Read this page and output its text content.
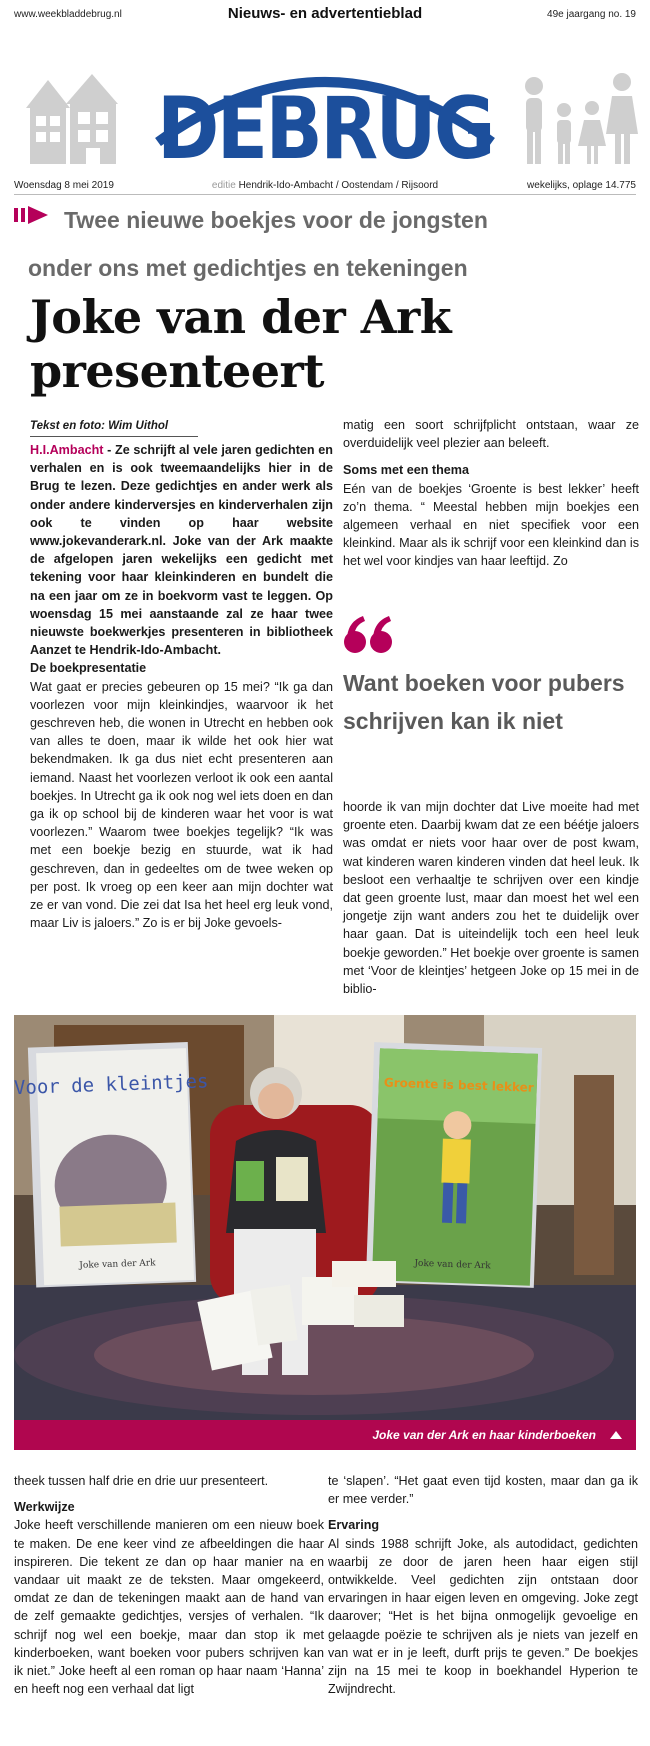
www.weekbladdebrug.nl	Nieuws- en advertentieblad	49e jaargang no. 19
DEBRUG
Woensdag 8 mei 2019	editie Hendrik-Ido-Ambacht / Oostendam / Rijsoord	wekelijks, oplage 14.775
Twee nieuwe boekjes voor de jongsten
onder ons met gedichtjes en tekeningen
Joke van der Ark
presenteert
Tekst en foto: Wim Uithol

H.I.Ambacht - Ze schrijft al vele jaren gedichten en verhalen en is ook tweemaandelijks hier in de Brug te lezen. Deze gedichtjes en ander werk als onder andere kinderversjes en kinderverhalen zijn ook te vinden op haar website www.jokevanderark.nl. Joke van der Ark maakte de afgelopen jaren wekelijks een gedicht met tekening voor haar kleinkinderen en bundelt die na een jaar om ze in boekvorm vast te leggen. Op woensdag 15 mei aanstaande zal ze haar twee nieuwste boekwerkjes presenteren in bibliotheek Aanzet te Hendrik-Ido-Ambacht.

De boekpresentatie

Wat gaat er precies gebeuren op 15 mei? “Ik ga dan voorlezen voor mijn kleinkindjes, waarvoor ik het geschreven heb, die wonen in Utrecht en hebben ook van alles te doen, maar ik wilde het ook hier wat bekendmaken. Ik ga dus niet echt presenteren aan iemand. Naast het voorlezen verloot ik ook een aantal boekjes. In Utrecht ga ik ook nog wel iets doen en dan ga ik op school bij de kinderen waar het voor is wat voorlezen.” Waarom twee boekjes tegelijk? “Ik was met een boekje bezig en stuurde, wat ik had geschreven, dan in gedeeltes om de twee weken op per post. Ik vroeg op een keer aan mijn dochter wat ze er van vond. Die zei dat Isa het heel erg leuk vond, maar Liv is jaloers.” Zo is er bij Joke gevoels-

matig een soort schrijfplicht ontstaan, waar ze overduidelijk veel plezier aan beleeft.

Soms met een thema

Eén van de boekjes ‘Groente is best lekker’ heeft zo’n thema. “ Meestal hebben mijn boekjes een algemeen verhaal en niet specifiek voor een kleinkind. Maar als ik schrijf voor een kleinkind dan is het wel voor kindjes van haar leeftijd. Zo

Want boeken voor pubers schrijven kan ik niet

hoorde ik van mijn dochter dat Live moeite had met groente eten. Daarbij kwam dat ze een béétje jaloers was omdat er niets voor haar over de post kwam, wat kinderen waren kinderen vinden dat heel leuk. Ik besloot een verhaaltje te schrijven over een kindje dat geen groente lust, maar dan moest het wel een jongetje zijn want anders zou het te duidelijk over haar gaan. Dat is uiteindelijk toch een heel leuk boekje geworden.” Het boekje over groente is samen met ‘Voor de kleintjes’ hetgeen Joke op 15 mei in de biblio-

Voor de kleintjes
Joke van der Ark
Groente is best lekker
Joke van der Ark
Joke van der Ark en haar kinderboeken

theek tussen half drie en drie uur presenteert.

Werkwijze

Joke heeft verschillende manieren om een nieuw boek te maken. De ene keer vind ze afbeeldingen die haar inspireren. Die tekent ze dan op haar manier na en vandaar uit maakt ze de teksten. Maar omgekeerd, omdat ze dan de tekeningen maakt aan de hand van de zelf gemaakte gedichtjes, versjes of verhalen. “Ik schrijf nog wel een boekje, maar dan stop ik met kinderboeken, want boeken voor pubers schrijven kan ik niet.” Joke heeft al een roman op haar naam ‘Hanna’ en heeft nog een verhaal dat ligt

te ‘slapen’. “Het gaat even tijd kosten, maar dan ga ik er mee verder.”

Ervaring

Al sinds 1988 schrijft Joke, als autodidact, gedichten waarbij ze door de jaren heen haar eigen stijl ontwikkelde. Veel gedichten zijn ontstaan door ervaringen in haar eigen leven en omgeving. Joke zegt daarover; “Het is het bijna onmogelijk gevoelige en gelaagde poëzie te schrijven als je niets van jezelf en van wat er in je leeft, durft prijs te geven.” De boekjes zijn na 15 mei te koop in boekhandel Hyperion te Zwijndrecht.
